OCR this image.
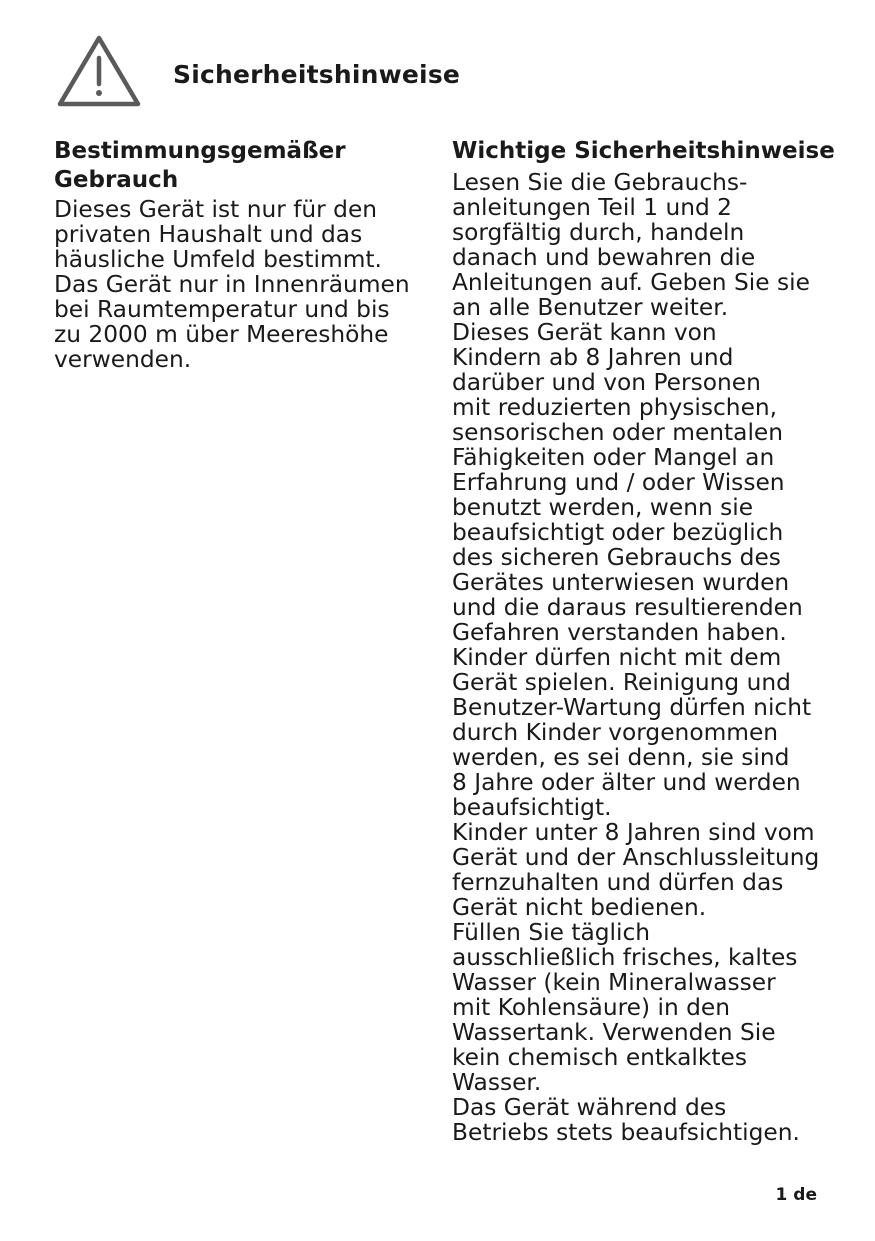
Sicherheitshinweise
Bestimmungsgemäßer
Gebrauch

Dieses Gerät ist nur für den
privaten Haushalt und das
häusliche Umfeld bestimmt.
Das Gerät nur in Innenräumen
bei Raumtemperatur und bis
zu 2000 m über Meereshöhe
verwenden.

Wichtige Sicherheitshinweise

Lesen Sie die Gebrauchs-
anleitungen Teil 1 und 2
sorgfältig durch, handeln
danach und bewahren die
Anleitungen auf. Geben Sie sie
an alle Benutzer weiter.
Dieses Gerät kann von
Kindern ab 8 Jahren und
darüber und von Personen
mit reduzierten physischen,
sensorischen oder mentalen
Fähigkeiten oder Mangel an
Erfahrung und / oder Wissen
benutzt werden, wenn sie
beaufsichtigt oder bezüglich
des sicheren Gebrauchs des
Gerätes unterwiesen wurden
und die daraus resultierenden
Gefahren verstanden haben.
Kinder dürfen nicht mit dem
Gerät spielen. Reinigung und
Benutzer-Wartung dürfen nicht
durch Kinder vorgenommen
werden, es sei denn, sie sind
8 Jahre oder älter und werden
beaufsichtigt.
Kinder unter 8 Jahren sind vom
Gerät und der Anschlussleitung
fernzuhalten und dürfen das
Gerät nicht bedienen.
Füllen Sie täglich
ausschließlich frisches, kaltes
Wasser (kein Mineralwasser
mit Kohlensäure) in den
Wassertank. Verwenden Sie
kein chemisch entkalktes
Wasser.
Das Gerät während des
Betriebs stets beaufsichtigen.

1 de
